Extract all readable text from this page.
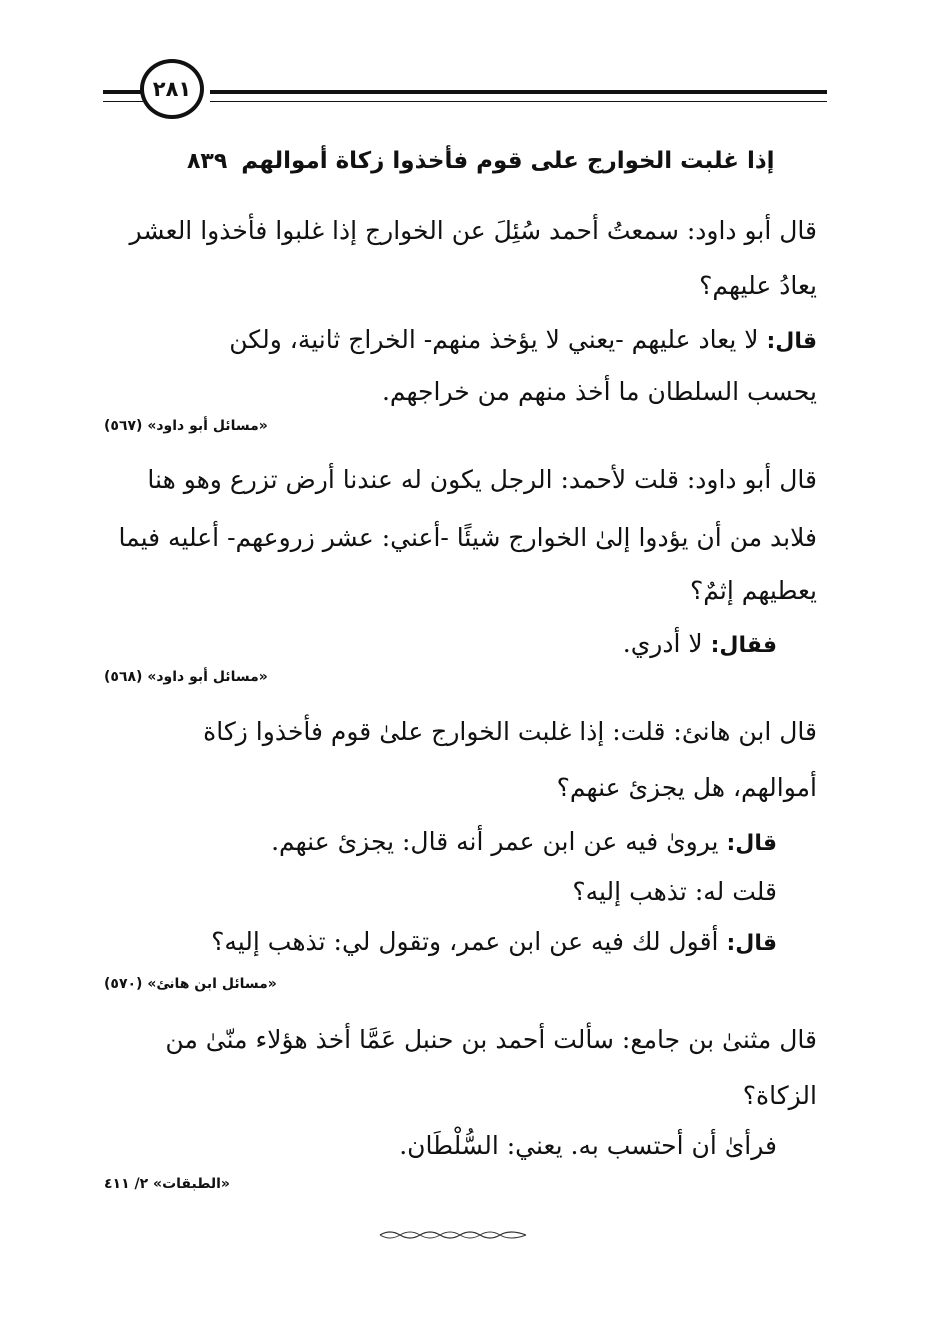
٢٨١
٨٣٩ إذا غلبت الخوارج على قوم فأخذوا زكاة أموالهم
قال أبو داود: سمعتُ أحمد سُئِلَ عن الخوارج إذا غلبوا فأخذوا العشر
يعادُ عليهم؟
قال: لا يعاد عليهم -يعني لا يؤخذ منهم- الخراج ثانية، ولكن
يحسب السلطان ما أخذ منهم من خراجهم.
«مسائل أبو داود» (٥٦٧)
قال أبو داود: قلت لأحمد: الرجل يكون له عندنا أرض تزرع وهو هنا
فلابد من أن يؤدوا إلىٰ الخوارج شيئًا -أعني: عشر زروعهم- أعليه فيما
يعطيهم إثمٌ؟
فقال: لا أدري.
«مسائل أبو داود» (٥٦٨)
قال ابن هانئ: قلت: إذا غلبت الخوارج علىٰ قوم فأخذوا زكاة
أموالهم، هل يجزئ عنهم؟
قال: يروىٰ فيه عن ابن عمر أنه قال: يجزئ عنهم.
قلت له: تذهب إليه؟
قال: أقول لك فيه عن ابن عمر، وتقول لي: تذهب إليه؟
«مسائل ابن هانئ» (٥٧٠)
قال مثنىٰ بن جامع: سألت أحمد بن حنبل عَمَّا أخذ هؤلاء منّىٰ من
الزكاة؟
فرأىٰ أن أحتسب به. يعني: السُّلْطَان.
«الطبقات» ٢/ ٤١١
